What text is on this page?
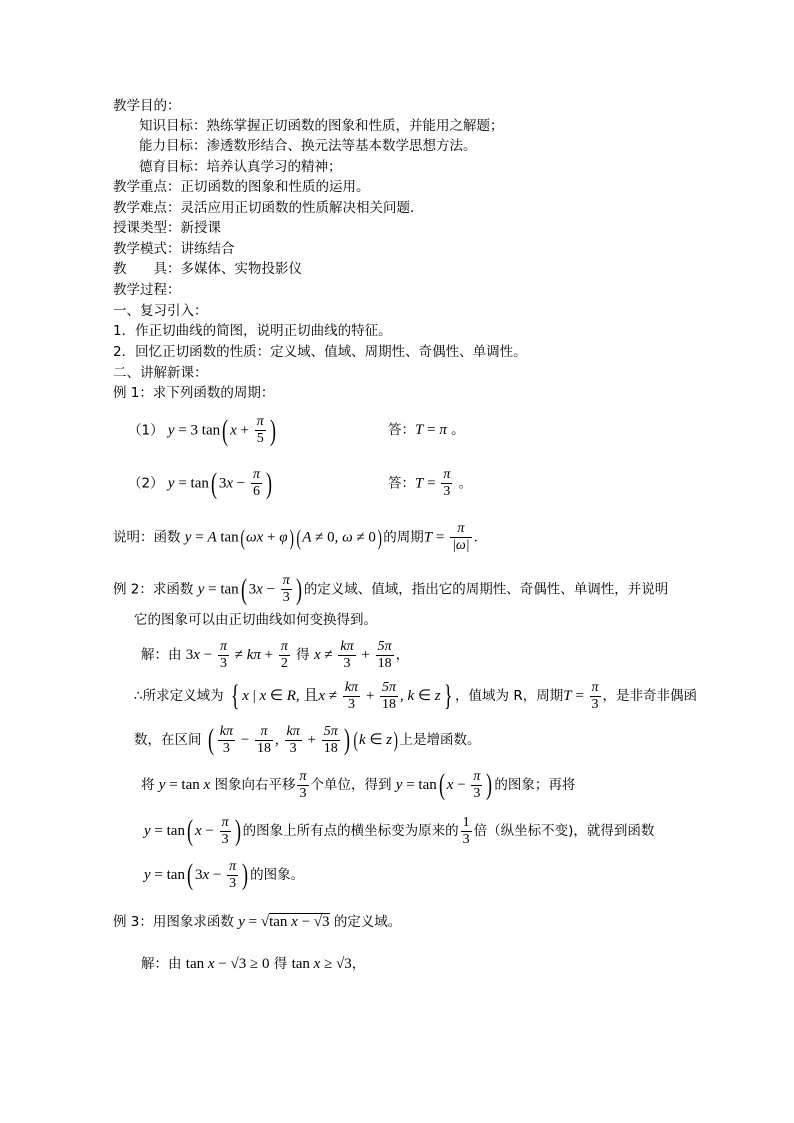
教学目的：
知识目标：熟练掌握正切函数的图象和性质，并能用之解题；
能力目标：渗透数形结合、换元法等基本数学思想方法。
德育目标：培养认真学习的精神；
教学重点：正切函数的图象和性质的运用。
教学难点：灵活应用正切函数的性质解决相关问题．
授课类型：新授课
教学模式：讲练结合
教　　具：多媒体、实物投影仪
教学过程：
一、复习引入：
1．作正切曲线的简图，说明正切曲线的特征。
2．回忆正切函数的性质：定义域、值域、周期性、奇偶性、单调性。
二、讲解新课：
例 1：求下列函数的周期：
（1） y = 3 tan( $x + \frac{\pi}{5}$ )	答：T = π 。
（2） y = tan( $3x - \frac{\pi}{6}$ )	答：$T = \frac{\pi}{3}$ 。
说明：函数 y = A tan(ωx + φ) (A ≠ 0, ω ≠ 0)的周期$T = \frac{\pi}{|\omega|}$ ．
例 2：求函数 y = tan( $3x - \frac{\pi}{3}$ ) 的定义域、值域，指出它的周期性、奇偶性、单调性，并说明
它的图象可以由正切曲线如何变换得到。
解：由 $3x - \frac{\pi}{3} \ne k\pi + \frac{\pi}{2}$ 得 $x \ne \frac{k\pi}{3} + \frac{5\pi}{18}$ ，
∴所求定义域为 { x | x ∈ R, 且$x \ne \frac{k\pi}{3} + \frac{5\pi}{18}$ , k ∈ z} ，值域为 R，周期$T = \frac{\pi}{3}$ ，是非奇非偶函
数，在区间 ( $\frac{k\pi}{3} - \frac{\pi}{18}$ , $\frac{k\pi}{3} + \frac{5\pi}{18}$ ) (k ∈ z)上是增函数。
将 y = tan x 图象向右平移 $\frac{\pi}{3}$ 个单位，得到 y = tan( $x - \frac{\pi}{3}$ ) 的图象；再将
y = tan( $x - \frac{\pi}{3}$ ) 的图象上所有点的横坐标变为原来的 $\frac{1}{3}$ 倍（纵坐标不变)，就得到函数
y = tan( $3x - \frac{\pi}{3}$ ) 的图象。
例 3：用图象求函数 y = √tan x − √3 的定义域。
解：由 tan x − √3 ≥ 0 得 tan x ≥ √3，
